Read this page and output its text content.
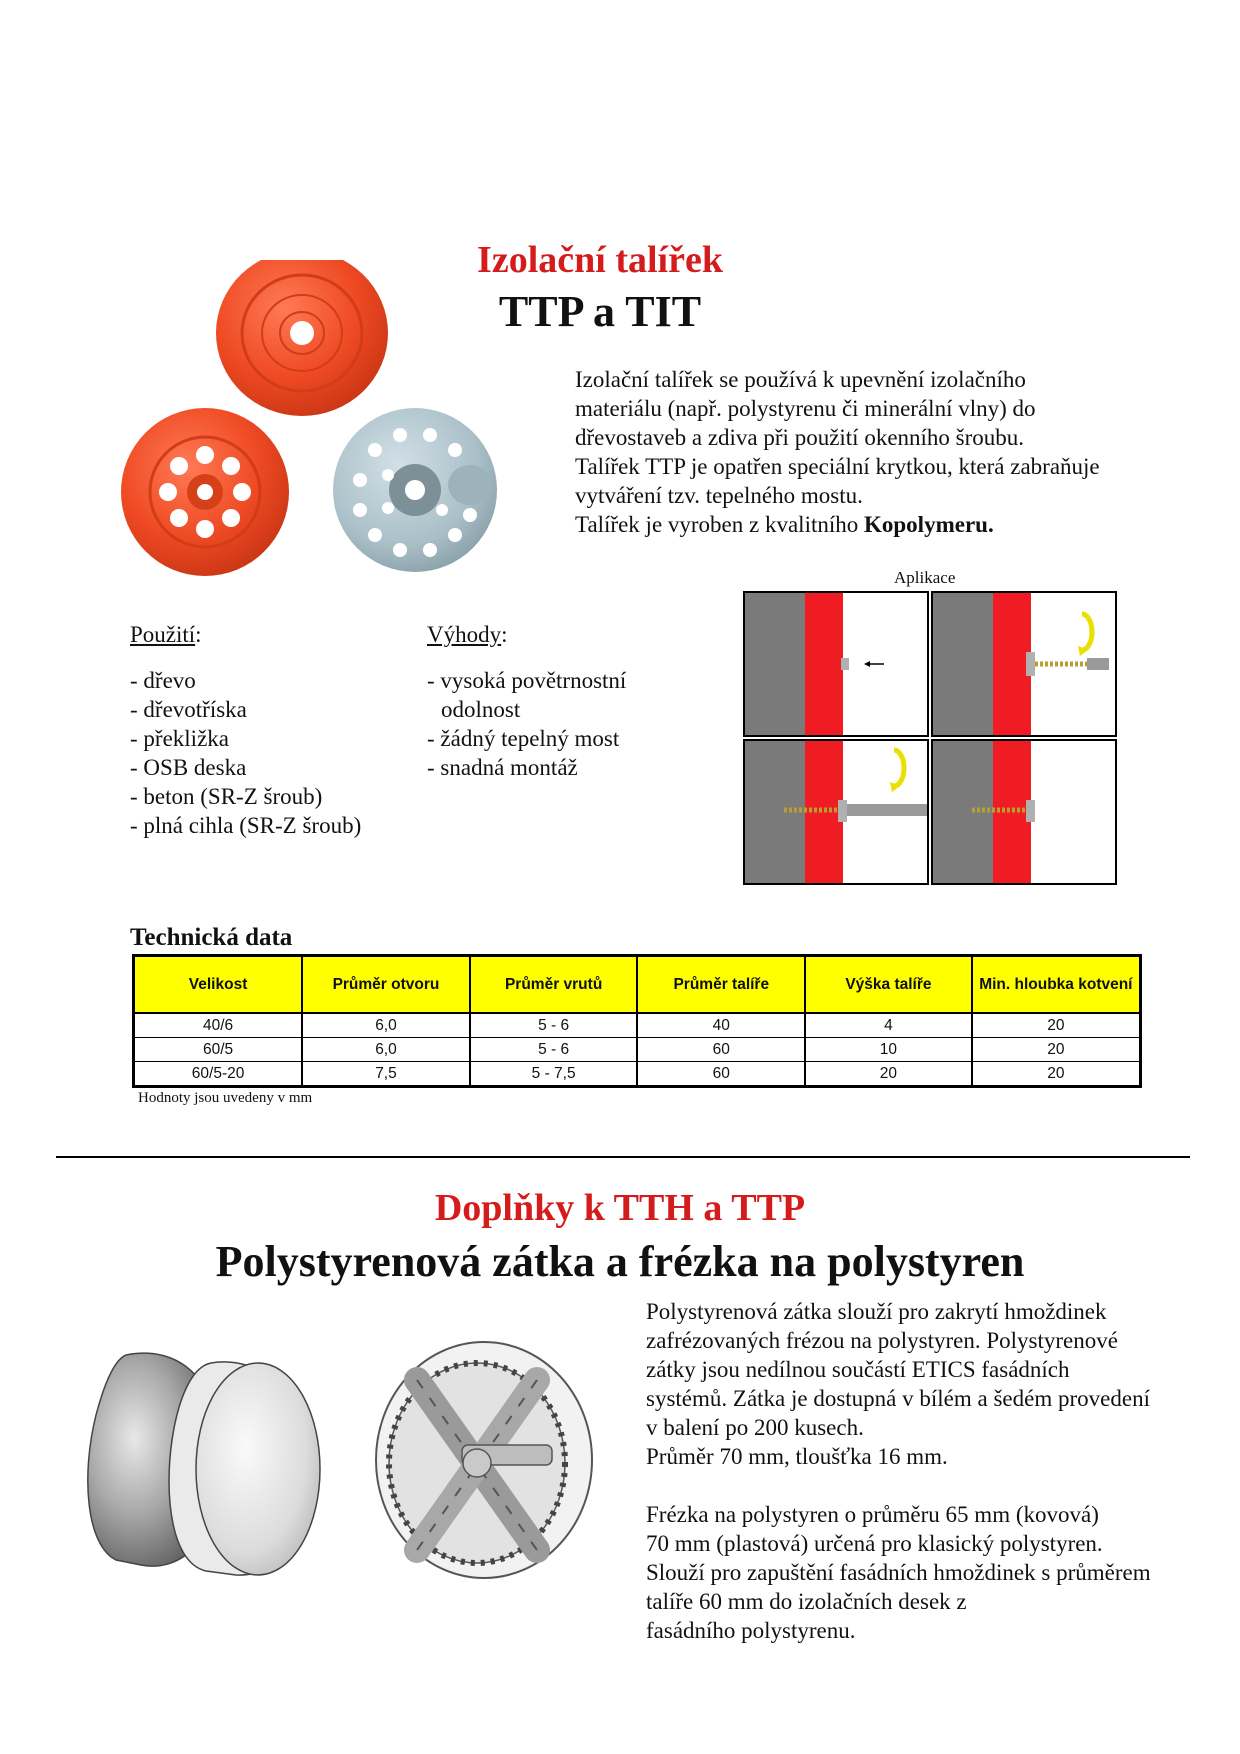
Izolační talířek
TTP a TIT

Izolační talířek se používá k upevnění izolačního

materiálu (např. polystyrenu či minerální vlny) do

dřevostaveb a zdiva při použití okenního šroubu.

Talířek TTP je opatřen speciální krytkou, která zabraňuje

vytváření tzv. tepelného mostu.

Talířek je vyroben z kvalitního Kopolymeru.

Aplikace
Použití:
- dřevo
- dřevotříska
- překližka
- OSB deska
- beton (SR-Z šroub)
- plná cihla (SR-Z šroub)
Výhody:
- vysoká povětrnostní
odolnost
- žádný tepelný most
- snadná montáž
Technická data
Velikost	Průměr otvoru	Průměr vrutů	Průměr talíře	Výška talíře	Min. hloubka kotvení
40/6	6,0	5 - 6	40	4	20
60/5	6,0	5 - 6	60	10	20
60/5-20	7,5	5 - 7,5	60	20	20
Hodnoty jsou uvedeny v mm
Doplňky k TTH a TTP
Polystyrenová zátka a frézka na polystyren

Polystyrenová zátka slouží pro zakrytí hmoždinek

zafrézovaných frézou na polystyren. Polystyrenové

zátky jsou nedílnou součástí ETICS fasádních

systémů. Zátka je dostupná v bílém a šedém provedení

v balení po 200 kusech.

Průměr 70 mm, tloušťka 16 mm.

Frézka na polystyren o průměru 65 mm (kovová)

70 mm (plastová) určená pro klasický polystyren.

Slouží pro zapuštění fasádních hmoždinek s průměrem

talíře 60 mm do izolačních desek z

fasádního polystyrenu.
